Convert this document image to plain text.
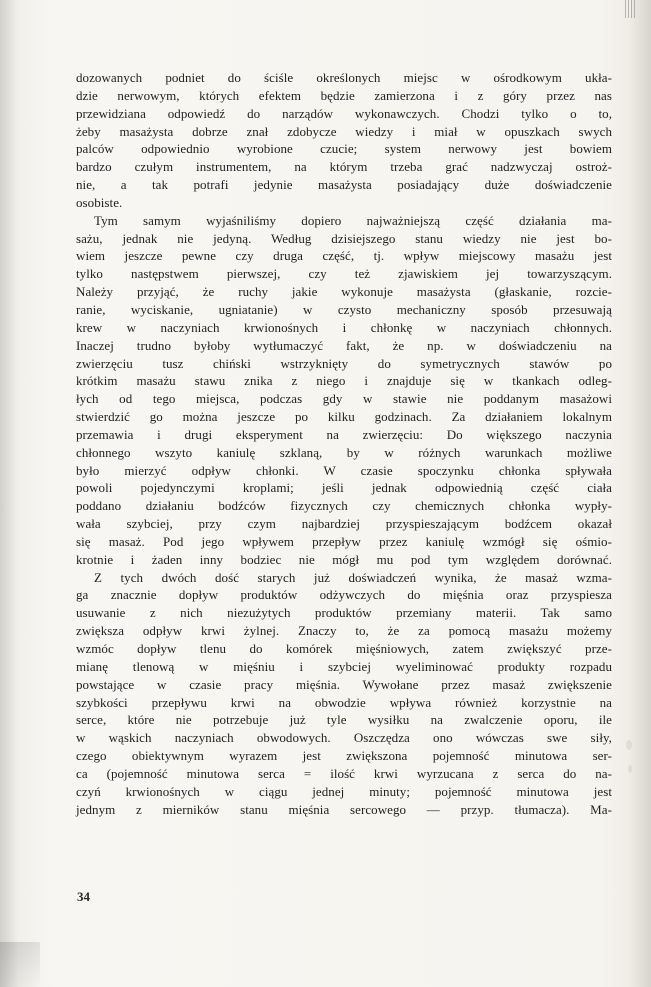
dozowanych podniet do ściśle określonych miejsc w ośrodkowym ukła-
dzie nerwowym, których efektem będzie zamierzona i z góry przez nas
przewidziana odpowiedź do narządów wykonawczych. Chodzi tylko o to,
żeby masażysta dobrze znał zdobycze wiedzy i miał w opuszkach swych
palców odpowiednio wyrobione czucie; system nerwowy jest bowiem
bardzo czułym instrumentem, na którym trzeba grać nadzwyczaj ostroż-
nie, a tak potrafi jedynie masażysta posiadający duże doświadczenie
osobiste.
Tym samym wyjaśniliśmy dopiero najważniejszą część działania ma-
sażu, jednak nie jedyną. Według dzisiejszego stanu wiedzy nie jest bo-
wiem jeszcze pewne czy druga część, tj. wpływ miejscowy masażu jest
tylko następstwem pierwszej, czy też zjawiskiem jej towarzyszącym.
Należy przyjąć, że ruchy jakie wykonuje masażysta (głaskanie, rozcie-
ranie, wyciskanie, ugniatanie) w czysto mechaniczny sposób przesuwają
krew w naczyniach krwionośnych i chłonkę w naczyniach chłonnych.
Inaczej trudno byłoby wytłumaczyć fakt, że np. w doświadczeniu na
zwierzęciu tusz chiński wstrzyknięty do symetrycznych stawów po
krótkim masażu stawu znika z niego i znajduje się w tkankach odleg-
łych od tego miejsca, podczas gdy w stawie nie poddanym masażowi
stwierdzić go można jeszcze po kilku godzinach. Za działaniem lokalnym
przemawia i drugi eksperyment na zwierzęciu: Do większego naczynia
chłonnego wszyto kaniulę szklaną, by w różnych warunkach możliwe
było mierzyć odpływ chłonki. W czasie spoczynku chłonka spływała
powoli pojedynczymi kroplami; jeśli jednak odpowiednią część ciała
poddano działaniu bodźców fizycznych czy chemicznych chłonka wypły-
wała szybciej, przy czym najbardziej przyspieszającym bodźcem okazał
się masaż. Pod jego wpływem przepływ przez kaniulę wzmógł się ośmio-
krotnie i żaden inny bodziec nie mógł mu pod tym względem dorównać.
Z tych dwóch dość starych już doświadczeń wynika, że masaż wzma-
ga znacznie dopływ produktów odżywczych do mięśnia oraz przyspiesza
usuwanie z nich niezużytych produktów przemiany materii. Tak samo
zwiększa odpływ krwi żylnej. Znaczy to, że za pomocą masażu możemy
wzmóc dopływ tlenu do komórek mięśniowych, zatem zwiększyć prze-
mianę tlenową w mięśniu i szybciej wyeliminować produkty rozpadu
powstające w czasie pracy mięśnia. Wywołane przez masaż zwiększenie
szybkości przepływu krwi na obwodzie wpływa również korzystnie na
serce, które nie potrzebuje już tyle wysiłku na zwalczenie oporu, ile
w wąskich naczyniach obwodowych. Oszczędza ono wówczas swe siły,
czego obiektywnym wyrazem jest zwiększona pojemność minutowa ser-
ca (pojemność minutowa serca = ilość krwi wyrzucana z serca do na-
czyń krwionośnych w ciągu jednej minuty; pojemność minutowa jest
jednym z mierników stanu mięśnia sercowego — przyp. tłumacza). Ma-
34
